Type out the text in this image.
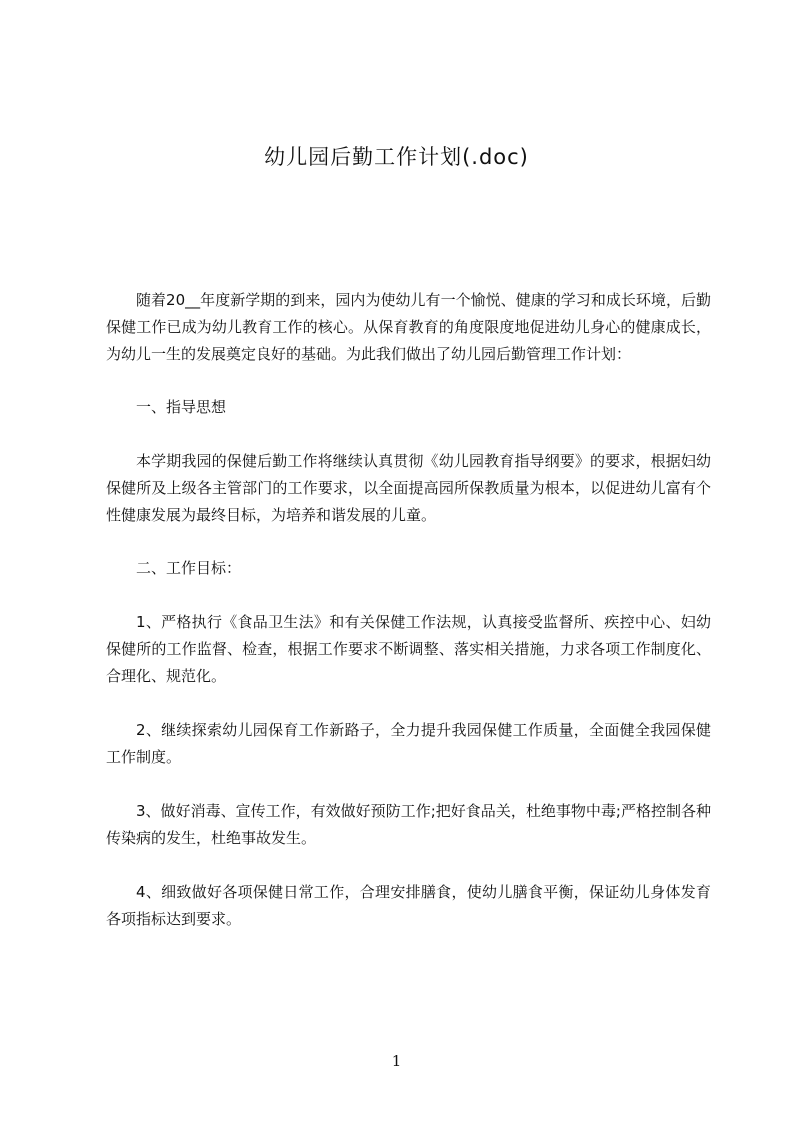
幼儿园后勤工作计划(.doc)

随着20__年度新学期的到来，园内为使幼儿有一个愉悦、健康的学习和成长环境，后勤保健工作已成为幼儿教育工作的核心。从保育教育的角度限度地促进幼儿身心的健康成长，为幼儿一生的发展奠定良好的基础。为此我们做出了幼儿园后勤管理工作计划：

一、指导思想

本学期我园的保健后勤工作将继续认真贯彻《幼儿园教育指导纲要》的要求，根据妇幼保健所及上级各主管部门的工作要求，以全面提高园所保教质量为根本，以促进幼儿富有个性健康发展为最终目标，为培养和谐发展的儿童。

二、工作目标：

1、严格执行《食品卫生法》和有关保健工作法规，认真接受监督所、疾控中心、妇幼保健所的工作监督、检查，根据工作要求不断调整、落实相关措施，力求各项工作制度化、合理化、规范化。

2、继续探索幼儿园保育工作新路子，全力提升我园保健工作质量，全面健全我园保健工作制度。

3、做好消毒、宣传工作，有效做好预防工作;把好食品关，杜绝事物中毒;严格控制各种传染病的发生，杜绝事故发生。

4、细致做好各项保健日常工作，合理安排膳食，使幼儿膳食平衡，保证幼儿身体发育各项指标达到要求。

1
